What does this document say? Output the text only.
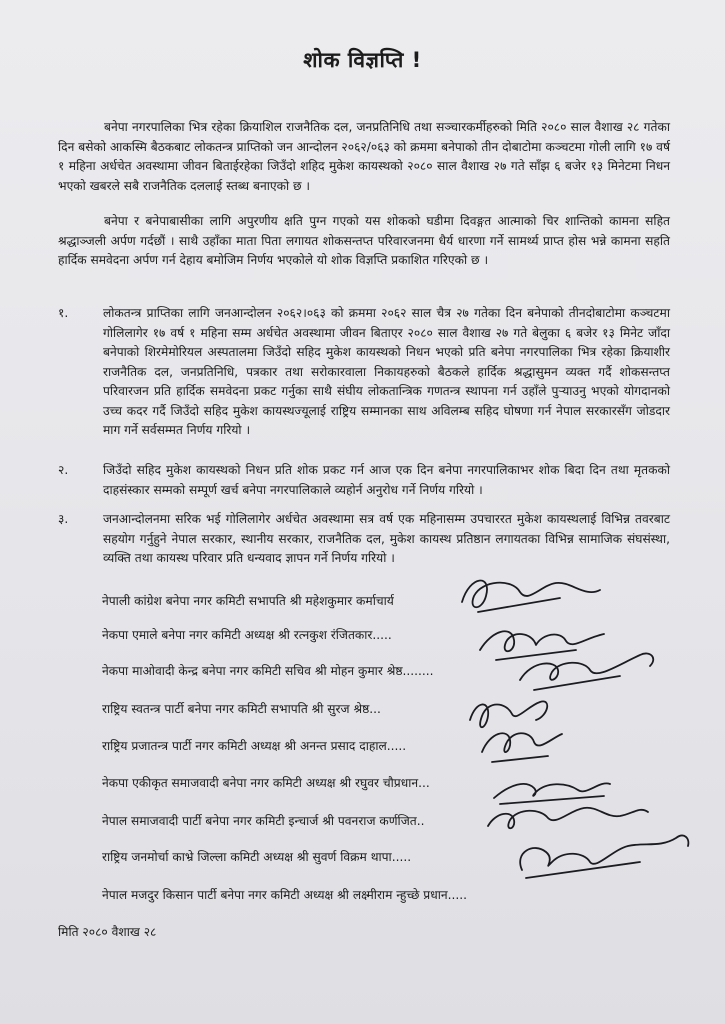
शोक विज्ञप्ति !

बनेपा नगरपालिका भित्र रहेका क्रियाशिल राजनैतिक दल, जनप्रतिनिधि तथा सञ्चारकर्मीहरुको मिति २०८० साल वैशाख २८ गतेका दिन बसेको आकस्मि बैठकबाट लोकतन्त्र प्राप्तिको जन आन्दोलन २०६२/०६३ को क्रममा बनेपाको तीन दोबाटोमा कञ्चटमा गोली लागि १७ वर्ष १ महिना अर्धचेत अवस्थामा जीवन बिताईरहेका जिउँदो शहिद मुकेश कायस्थको २०८० साल वैशाख २७ गते साँझ ६ बजेर १३ मिनेटमा निधन भएको खबरले सबै राजनैतिक दललाई स्तब्ध बनाएको छ ।

बनेपा र बनेपाबासीका लागि अपुरणीय क्षति पुग्न गएको यस शोकको घडीमा दिवङ्गत आत्माको चिर शान्तिको कामना सहित श्रद्धाञ्जली अर्पण गर्दछौं । साथै उहाँका माता पिता लगायत शोकसन्तप्त परिवारजनमा धैर्य धारणा गर्ने सामर्थ्य प्राप्त होस भन्ने कामना सहति हार्दिक समवेदना अर्पण गर्न देहाय बमोजिम निर्णय भएकोले यो शोक विज्ञप्ति प्रकाशित गरिएको छ ।

१.	लोकतन्त्र प्राप्तिका लागि जनआन्दोलन २०६२।०६३ को क्रममा २०६२ साल चैत्र २७ गतेका दिन बनेपाको तीनदोबाटोमा कञ्चटमा गोलिलागेर १७ वर्ष १ महिना सम्म अर्धचेत अवस्थामा जीवन बिताएर २०८० साल वैशाख २७ गते बेलुका ६ बजेर १३ मिनेट जाँदा बनेपाको शिरमेमोरियल अस्पतालमा जिउँदो सहिद मुकेश कायस्थको निधन भएको प्रति बनेपा नगरपालिका भित्र रहेका क्रियाशीर राजनैतिक दल, जनप्रतिनिधि, पत्रकार तथा सरोकारवाला निकायहरुको बैठकले हार्दिक श्रद्धासुमन व्यक्त गर्दै शोकसन्तप्त परिवारजन प्रति हार्दिक समवेदना प्रकट गर्नुका साथै संघीय लोकतान्त्रिक गणतन्त्र स्थापना गर्न उहाँले पुऱ्याउनु भएको योगदानको उच्च कदर गर्दै जिउँदो सहिद मुकेश कायस्थज्यूलाई राष्ट्रिय सम्मानका साथ अविलम्ब सहिद घोषणा गर्न नेपाल सरकारसँग जोडदार माग गर्ने सर्वसम्मत निर्णय गरियो ।
२.	जिउँदो सहिद मुकेश कायस्थको निधन प्रति शोक प्रकट गर्न आज एक दिन बनेपा नगरपालिकाभर शोक बिदा दिन तथा मृतकको दाहसंस्कार सम्मको सम्पूर्ण खर्च बनेपा नगरपालिकाले व्यहोर्न अनुरोध गर्ने निर्णय गरियो ।
३.	जनआन्दोलनमा सरिक भई गोलिलागेर अर्धचेत अवस्थामा सत्र वर्ष एक महिनासम्म उपचाररत मुकेश कायस्थलाई विभिन्न तवरबाट सहयोग गर्नुहुने नेपाल सरकार, स्थानीय सरकार, राजनैतिक दल, मुकेश कायस्थ प्रतिष्ठान लगायतका विभिन्न सामाजिक संघसंस्था, व्यक्ति तथा कायस्थ परिवार प्रति धन्यवाद ज्ञापन गर्ने निर्णय गरियो ।
नेपाली कांग्रेश बनेपा नगर कमिटी सभापति श्री महेशकुमार कर्माचार्य
नेकपा एमाले बनेपा नगर कमिटी अध्यक्ष श्री रत्नकुश रंजितकार.....
नेकपा माओवादी केन्द्र बनेपा नगर कमिटी सचिव श्री मोहन कुमार श्रेष्ठ........
राष्ट्रिय स्वतन्त्र पार्टी बनेपा नगर कमिटी सभापति श्री सुरज श्रेष्ठ...
राष्ट्रिय प्रजातन्त्र पार्टी नगर कमिटी अध्यक्ष श्री अनन्त प्रसाद दाहाल.....
नेकपा एकीकृत समाजवादी बनेपा नगर कमिटी अध्यक्ष श्री रघुवर चौप्रधान...
नेपाल समाजवादी पार्टी बनेपा नगर कमिटी इन्चार्ज श्री पवनराज कर्णजित..
राष्ट्रिय जनमोर्चा काभ्रे जिल्ला कमिटी अध्यक्ष श्री सुवर्ण विक्रम थापा.....
नेपाल मजदुर किसान पार्टी बनेपा नगर कमिटी अध्यक्ष श्री लक्ष्मीराम न्हुच्छे प्रधान.....
मिति २०८० वैशाख २८
